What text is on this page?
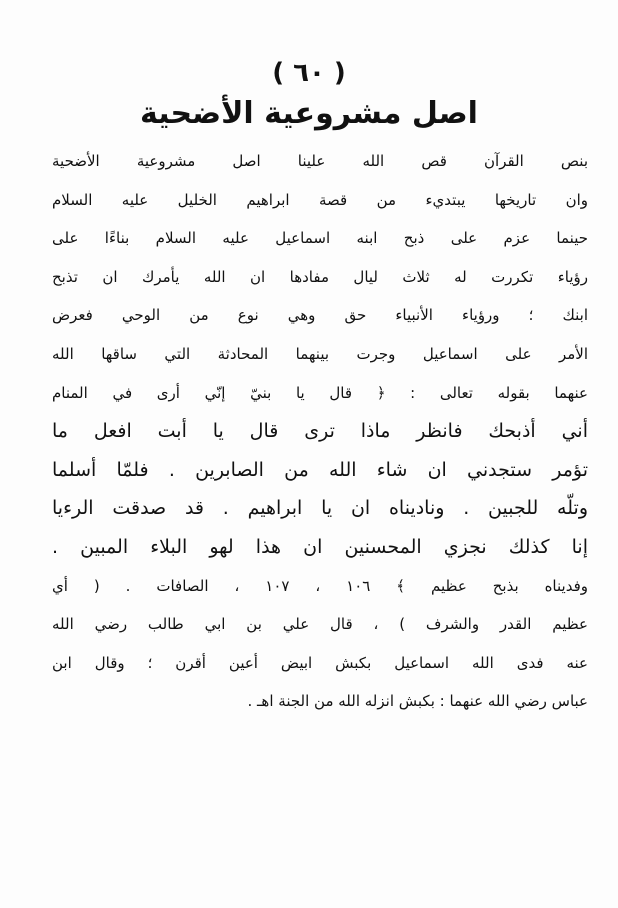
( ٦٠ )
اصل مشروعية الأضحية
بنص القرآن قص الله علينا اصل مشروعية الأضحية
وان تاريخها يبتديء من قصة ابراهيم الخليل عليه السلام
حينما عزم على ذبح ابنه اسماعيل عليه السلام بناءًا على
رؤياء تكررت له ثلاث ليال مفادها ان الله يأمرك ان تذبح
ابنك ؛ ورؤياء الأنبياء حق وهي نوع من الوحي فعرض
الأمر على اسماعيل وجرت بينهما المحادثة التي ساقها الله
عنهما بقوله تعالى : ﴿ قال يا بنيّ إنّي أرى في المنام
أني أذبحك فانظر ماذا ترى قال يا أبت افعل ما
تؤمر ستجدني ان شاء الله من الصابرين . فلمّا أسلما
وتلّه للجبين . وناديناه ان يا ابراهيم . قد صدقت الرءيا
إنا كذلك نجزي المحسنين ان هذا لهو البلاء المبين .
وفديناه بذبح عظيم ﴾ ١٠٦ ، ١٠٧ ، الصافات . ( أي
عظيم القدر والشرف ) ، قال علي بن ابي طالب رضي الله
عنه فدى الله اسماعيل بكبش ابيض أعين أقرن ؛ وقال ابن
عباس رضي الله عنهما : بكبش انزله الله من الجنة اهـ .
